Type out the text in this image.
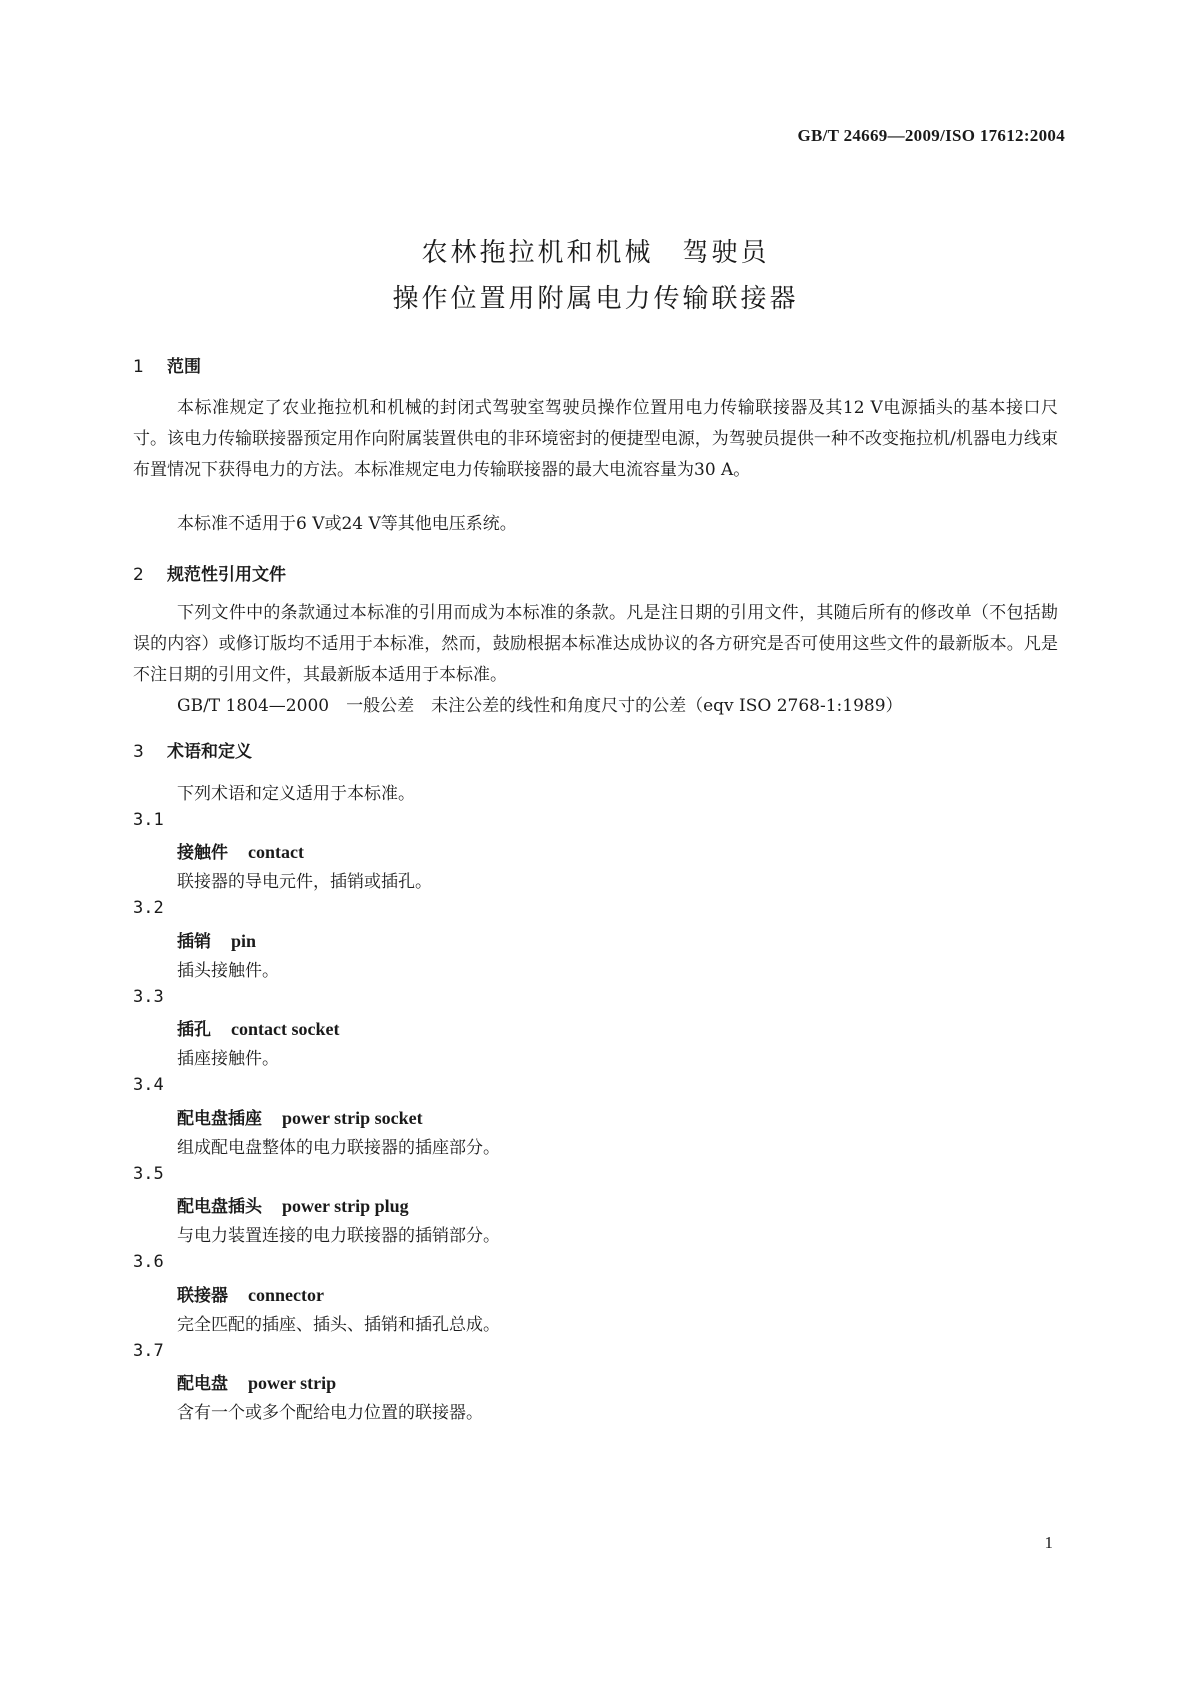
GB/T 24669—2009/ISO 17612:2004
农林拖拉机和机械　驾驶员
操作位置用附属电力传输联接器
1 范围
本标准规定了农业拖拉机和机械的封闭式驾驶室驾驶员操作位置用电力传输联接器及其12 V电源插头的基本接口尺寸。该电力传输联接器预定用作向附属装置供电的非环境密封的便捷型电源，为驾驶员提供一种不改变拖拉机/机器电力线束布置情况下获得电力的方法。本标准规定电力传输联接器的最大电流容量为30 A。
本标准不适用于6 V或24 V等其他电压系统。
2 规范性引用文件
下列文件中的条款通过本标准的引用而成为本标准的条款。凡是注日期的引用文件，其随后所有的修改单（不包括勘误的内容）或修订版均不适用于本标准，然而，鼓励根据本标准达成协议的各方研究是否可使用这些文件的最新版本。凡是不注日期的引用文件，其最新版本适用于本标准。
GB/T 1804—2000　一般公差　未注公差的线性和角度尺寸的公差（eqv ISO 2768-1:1989）
3 术语和定义
下列术语和定义适用于本标准。
3.1
接触件 contact
联接器的导电元件，插销或插孔。
3.2
插销 pin
插头接触件。
3.3
插孔 contact socket
插座接触件。
3.4
配电盘插座 power strip socket
组成配电盘整体的电力联接器的插座部分。
3.5
配电盘插头 power strip plug
与电力装置连接的电力联接器的插销部分。
3.6
联接器 connector
完全匹配的插座、插头、插销和插孔总成。
3.7
配电盘 power strip
含有一个或多个配给电力位置的联接器。
1
